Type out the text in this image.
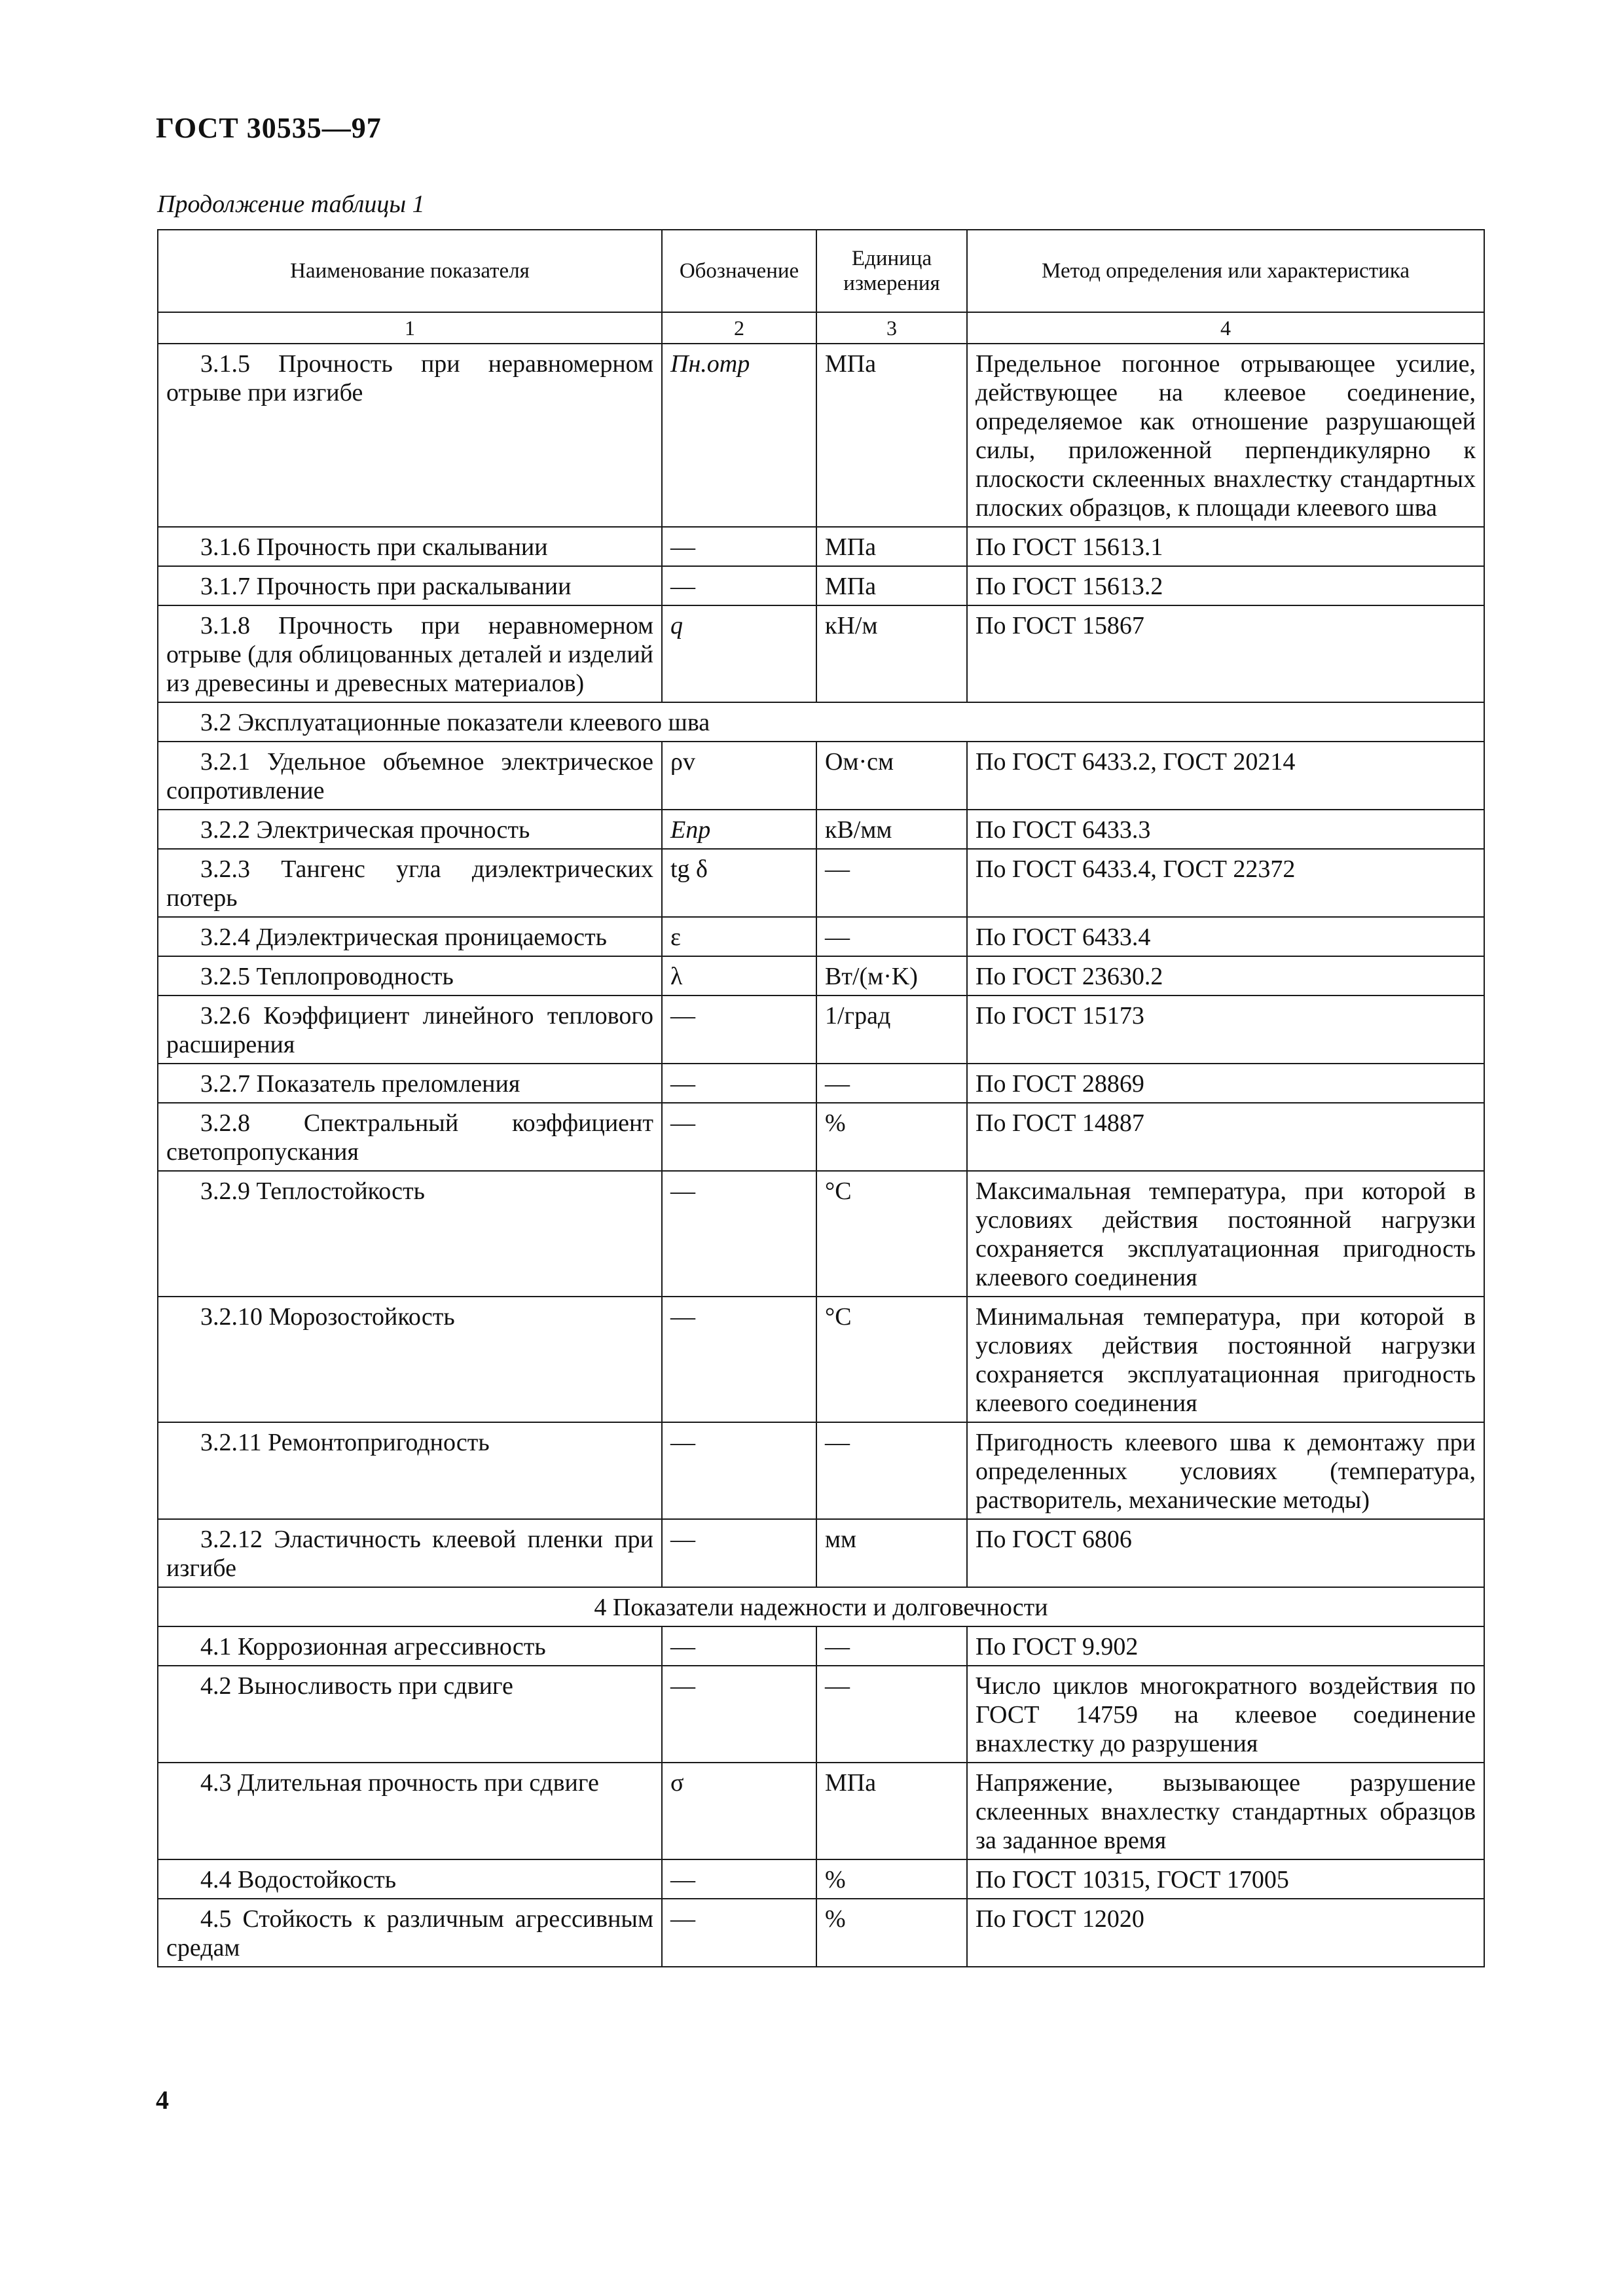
ГОСТ 30535—97
Продолжение таблицы 1
Наименование показателя	Обозначение	Единица измерения	Метод определения или характеристика
1	2	3	4
3.1.5 Прочность при неравномерном отрыве при изгибе	Пн.отр	МПа	Предельное погонное отрывающее усилие, действующее на клеевое соединение, определяемое как отношение разрушающей силы, приложенной перпендикулярно к плоскости склеенных внахлестку стандартных плоских образцов, к площади клеевого шва
3.1.6 Прочность при скалывании	—	МПа	По ГОСТ 15613.1
3.1.7 Прочность при раскалывании	—	МПа	По ГОСТ 15613.2
3.1.8 Прочность при неравномерном отрыве (для облицованных деталей и изделий из древесины и древесных материалов)	q	кН/м	По ГОСТ 15867
3.2 Эксплуатационные показатели клеевого шва			
3.2.1 Удельное объемное электрическое сопротивление	ρv	Ом·см	По ГОСТ 6433.2, ГОСТ 20214
3.2.2 Электрическая прочность	Eпр	кВ/мм	По ГОСТ 6433.3
3.2.3 Тангенс угла диэлектрических потерь	tg δ	—	По ГОСТ 6433.4, ГОСТ 22372
3.2.4 Диэлектрическая проницаемость	ε	—	По ГОСТ 6433.4
3.2.5 Теплопроводность	λ	Вт/(м·K)	По ГОСТ 23630.2
3.2.6 Коэффициент линейного теплового расширения	—	1/град	По ГОСТ 15173
3.2.7 Показатель преломления	—	—	По ГОСТ 28869
3.2.8 Спектральный коэффициент светопропускания	—	%	По ГОСТ 14887
3.2.9 Теплостойкость	—	°С	Максимальная температура, при которой в условиях действия постоянной нагрузки сохраняется эксплуатационная пригодность клеевого соединения
3.2.10 Морозостойкость	—	°С	Минимальная температура, при которой в условиях действия постоянной нагрузки сохраняется эксплуатационная пригодность клеевого соединения
3.2.11 Ремонтопригодность	—	—	Пригодность клеевого шва к демонтажу при определенных условиях (температура, растворитель, механические методы)
3.2.12 Эластичность клеевой пленки при изгибе	—	мм	По ГОСТ 6806
4 Показатели надежности и долговечности			
4.1 Коррозионная агрессивность	—	—	По ГОСТ 9.902
4.2 Выносливость при сдвиге	—	—	Число циклов многократного воздействия по ГОСТ 14759 на клеевое соединение внахлестку до разрушения
4.3 Длительная прочность при сдвиге	σ	МПа	Напряжение, вызывающее разрушение склеенных внахлестку стандартных образцов за заданное время
4.4 Водостойкость	—	%	По ГОСТ 10315, ГОСТ 17005
4.5 Стойкость к различным агрессивным средам	—	%	По ГОСТ 12020
4
